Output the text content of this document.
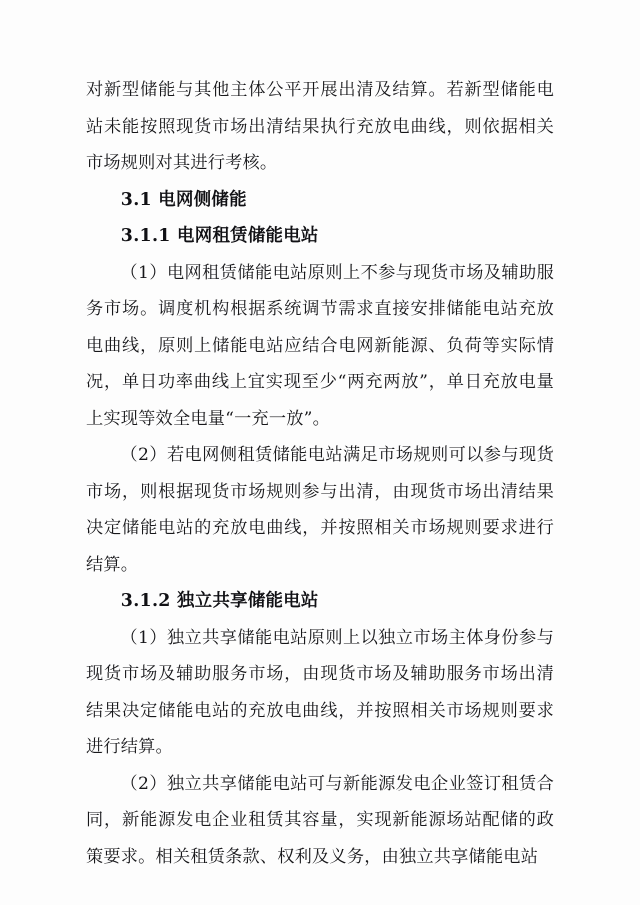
对新型储能与其他主体公平开展出清及结算。若新型储能电站未能按照现货市场出清结果执行充放电曲线，则依据相关市场规则对其进行考核。

3.1 电网侧储能
3.1.1 电网租赁储能电站

（1）电网租赁储能电站原则上不参与现货市场及辅助服务市场。调度机构根据系统调节需求直接安排储能电站充放电曲线，原则上储能电站应结合电网新能源、负荷等实际情况，单日功率曲线上宜实现至少“两充两放”，单日充放电量上实现等效全电量“一充一放”。

（2）若电网侧租赁储能电站满足市场规则可以参与现货市场，则根据现货市场规则参与出清，由现货市场出清结果决定储能电站的充放电曲线，并按照相关市场规则要求进行结算。

3.1.2 独立共享储能电站

（1）独立共享储能电站原则上以独立市场主体身份参与现货市场及辅助服务市场，由现货市场及辅助服务市场出清结果决定储能电站的充放电曲线，并按照相关市场规则要求进行结算。

（2）独立共享储能电站可与新能源发电企业签订租赁合同，新能源发电企业租赁其容量，实现新能源场站配储的政策要求。相关租赁条款、权利及义务，由独立共享储能电站
